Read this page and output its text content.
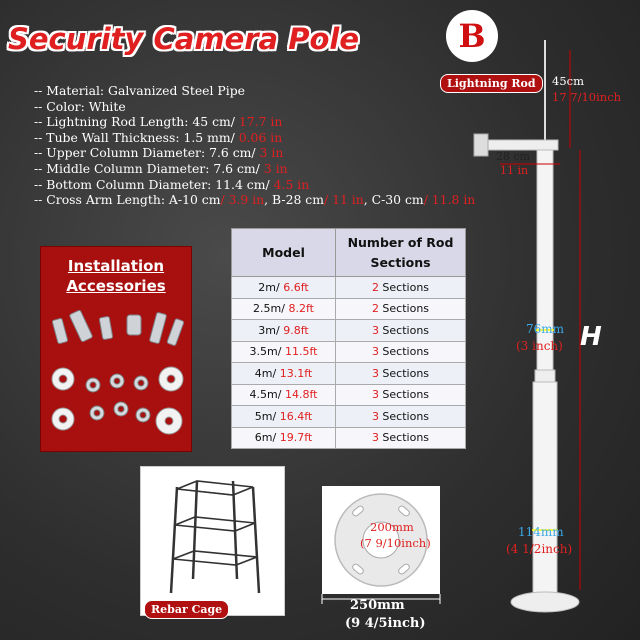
Security Camera Pole	B
-- Material: Galvanized Steel Pipe
-- Color: White
-- Lightning Rod Length: 45 cm/ 17.7 in
-- Tube Wall Thickness: 1.5 mm/ 0.06 in
-- Upper Column Diameter: 7.6 cm/ 3 in
-- Middle Column Diameter: 7.6 cm/ 3 in
-- Bottom Column Diameter: 11.4 cm/ 4.5 in
-- Cross Arm Length: A-10 cm/ 3.9 in, B-28 cm/ 11 in, C-30 cm/ 11.8 in
Installation Accessories
Model	Number of Rod Sections
2m/ 6.6ft	2 Sections
2.5m/ 8.2ft	2 Sections
3m/ 9.8ft	3 Sections
3.5m/ 11.5ft	3 Sections
4m/ 13.1ft	3 Sections
4.5m/ 14.8ft	3 Sections
5m/ 16.4ft	3 Sections
6m/ 19.7ft	3 Sections
Rebar Cage
200mm
(7 9/10inch)
250mm
(9 4/5inch)
Lightning Rod	45cm
17 7/10inch
28 cm
11 in
76mm
(3 inch) H
114mm
(4 1/2inch)
